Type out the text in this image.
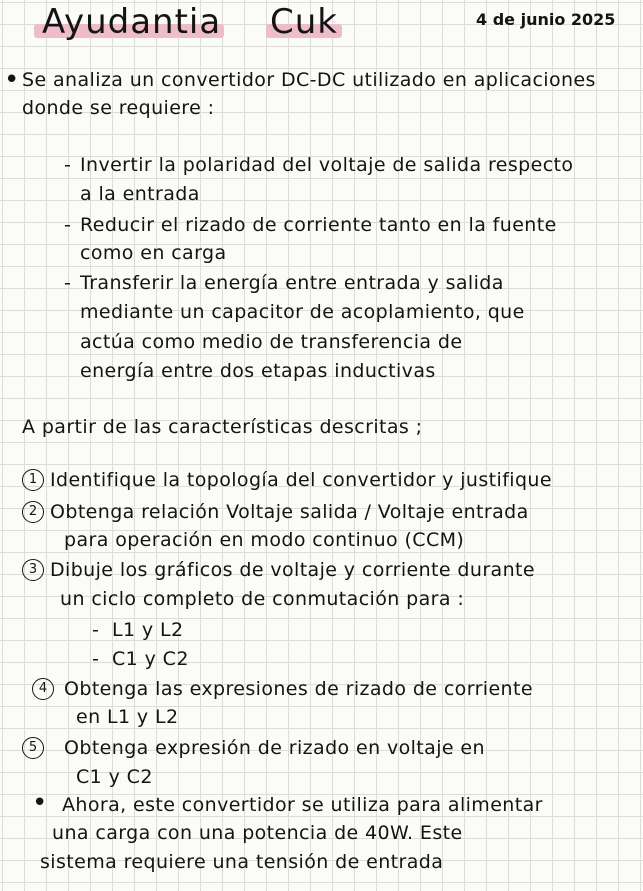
Ayudantia Cuk	4 de junio 2025
• Se analiza un convertidor DC-DC utilizado en aplicaciones
donde se requiere :
- Invertir la polaridad del voltaje de salida respecto
a la entrada
- Reducir el rizado de corriente tanto en la fuente
como en carga
- Transferir la energía entre entrada y salida
mediante un capacitor de acoplamiento, que
actúa como medio de transferencia de
energía entre dos etapas inductivas
A partir de las características descritas ;
1 Identifique la topología del convertidor y justifique
2 Obtenga relación Voltaje salida / Voltaje entrada
para operación en modo continuo (CCM)
3 Dibuje los gráficos de voltaje y corriente durante
un ciclo completo de conmutación para :
- L1 y L2
- C1 y C2
4 Obtenga las expresiones de rizado de corriente
en L1 y L2
5	Obtenga expresión de rizado en voltaje en
C1 y C2
• Ahora, este convertidor se utiliza para alimentar
una carga con una potencia de 40W. Este
sistema requiere una tensión de entrada
